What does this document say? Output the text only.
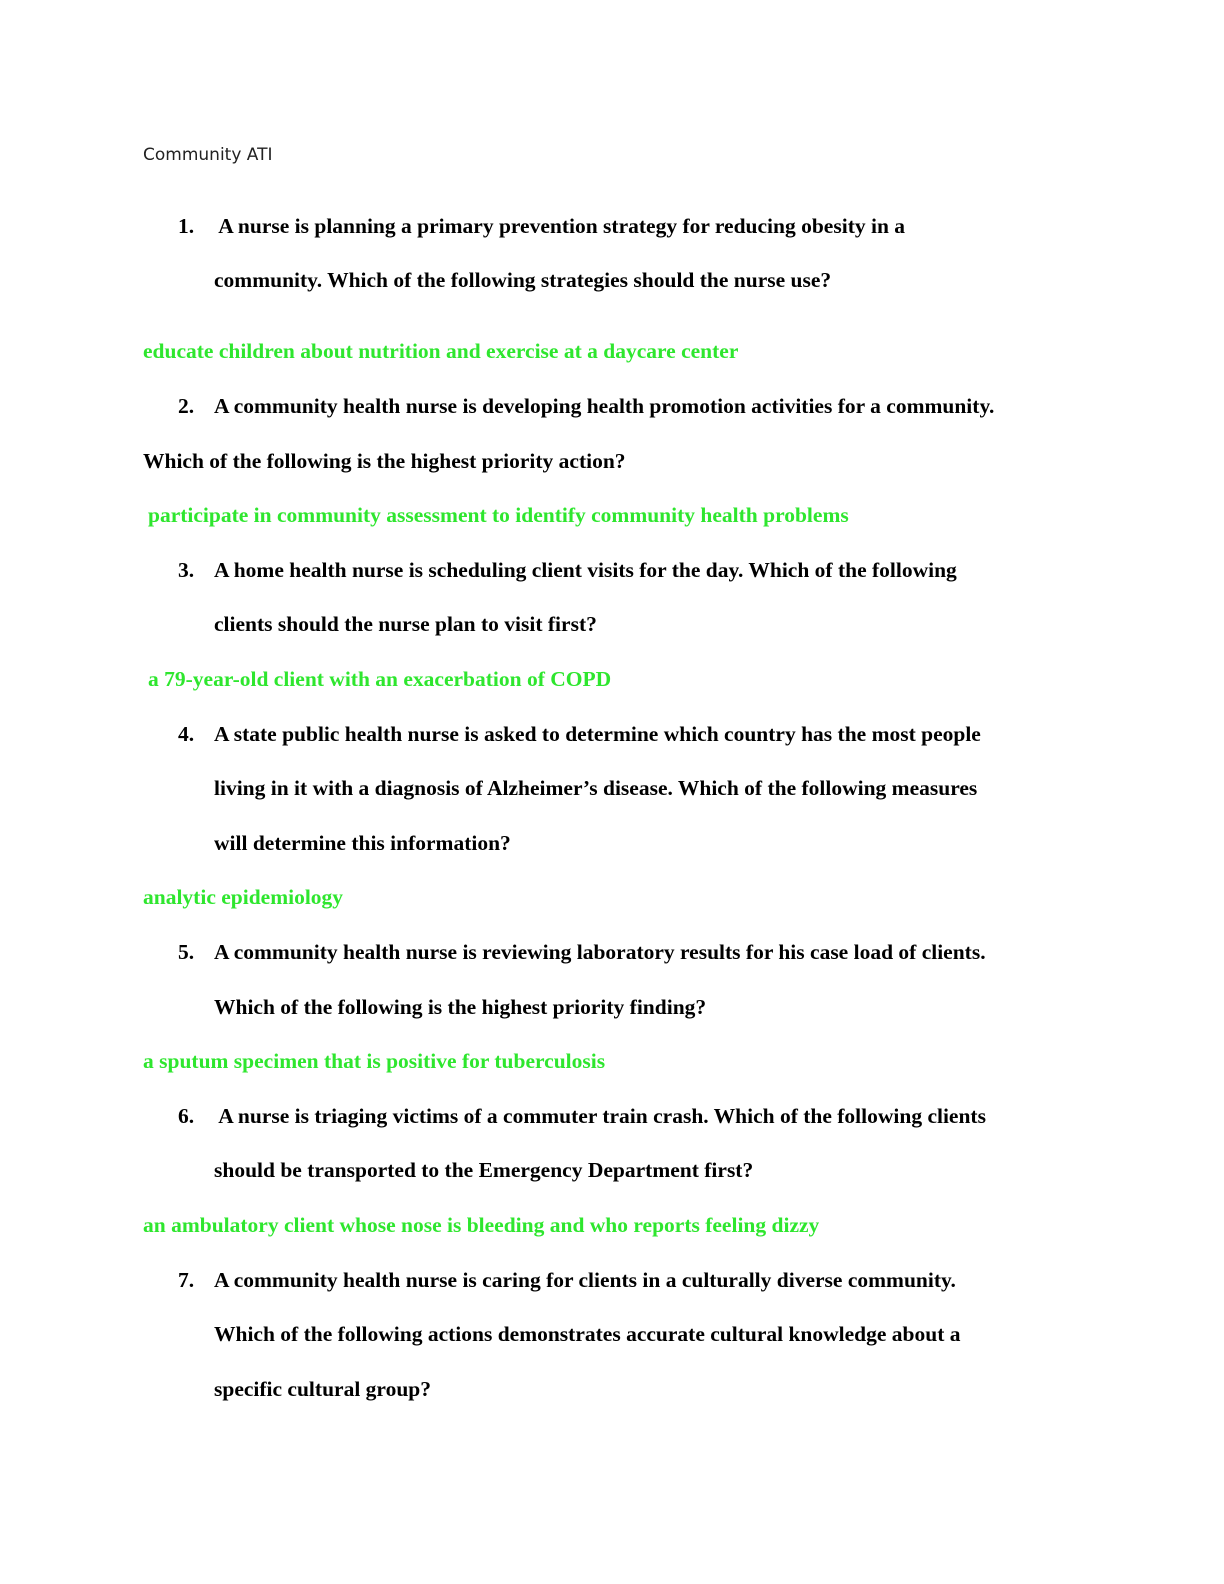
Community ATI
1. A nurse is planning a primary prevention strategy for reducing obesity in a
community. Which of the following strategies should the nurse use?
educate children about nutrition and exercise at a daycare center
2. A community health nurse is developing health promotion activities for a community.
Which of the following is the highest priority action?
participate in community assessment to identify community health problems
3. A home health nurse is scheduling client visits for the day. Which of the following
clients should the nurse plan to visit first?
a 79-year-old client with an exacerbation of COPD
4. A state public health nurse is asked to determine which country has the most people
living in it with a diagnosis of Alzheimer’s disease. Which of the following measures
will determine this information?
analytic epidemiology
5. A community health nurse is reviewing laboratory results for his case load of clients.
Which of the following is the highest priority finding?
a sputum specimen that is positive for tuberculosis
6. A nurse is triaging victims of a commuter train crash. Which of the following clients
should be transported to the Emergency Department first?
an ambulatory client whose nose is bleeding and who reports feeling dizzy
7. A community health nurse is caring for clients in a culturally diverse community.
Which of the following actions demonstrates accurate cultural knowledge about a
specific cultural group?
